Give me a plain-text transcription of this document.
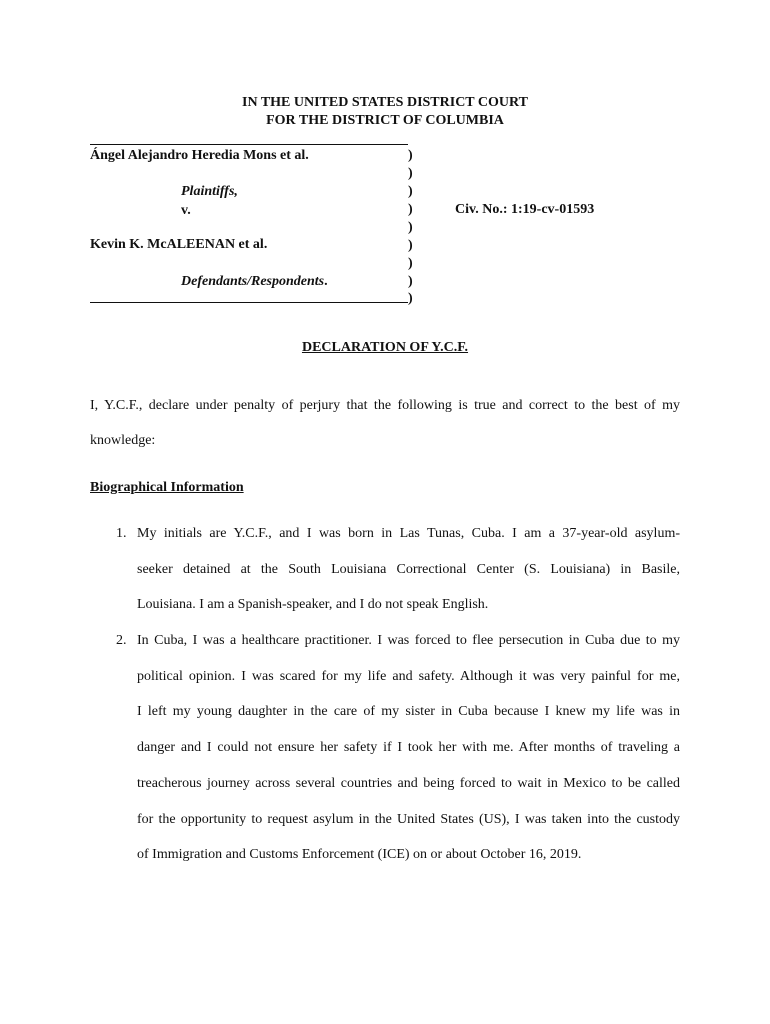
IN THE UNITED STATES DISTRICT COURT
FOR THE DISTRICT OF COLUMBIA
Ángel Alejandro Heredia Mons et al.
Plaintiffs,
v.
Kevin K. McALEENAN et al.
Defendants/Respondents.
)
)
)
)
)
)
)
)
)
Civ. No.: 1:19-cv-01593
DECLARATION OF Y.C.F.
I, Y.C.F., declare under penalty of perjury that the following is true and correct to the best of my
knowledge:
Biographical Information
1. My initials are Y.C.F., and I was born in Las Tunas, Cuba. I am a 37-year-old asylum-
seeker detained at the South Louisiana Correctional Center (S. Louisiana) in Basile,
Louisiana. I am a Spanish-speaker, and I do not speak English.
2. In Cuba, I was a healthcare practitioner. I was forced to flee persecution in Cuba due to my
political opinion. I was scared for my life and safety. Although it was very painful for me,
I left my young daughter in the care of my sister in Cuba because I knew my life was in
danger and I could not ensure her safety if I took her with me. After months of traveling a
treacherous journey across several countries and being forced to wait in Mexico to be called
for the opportunity to request asylum in the United States (US), I was taken into the custody
of Immigration and Customs Enforcement (ICE) on or about October 16, 2019.
